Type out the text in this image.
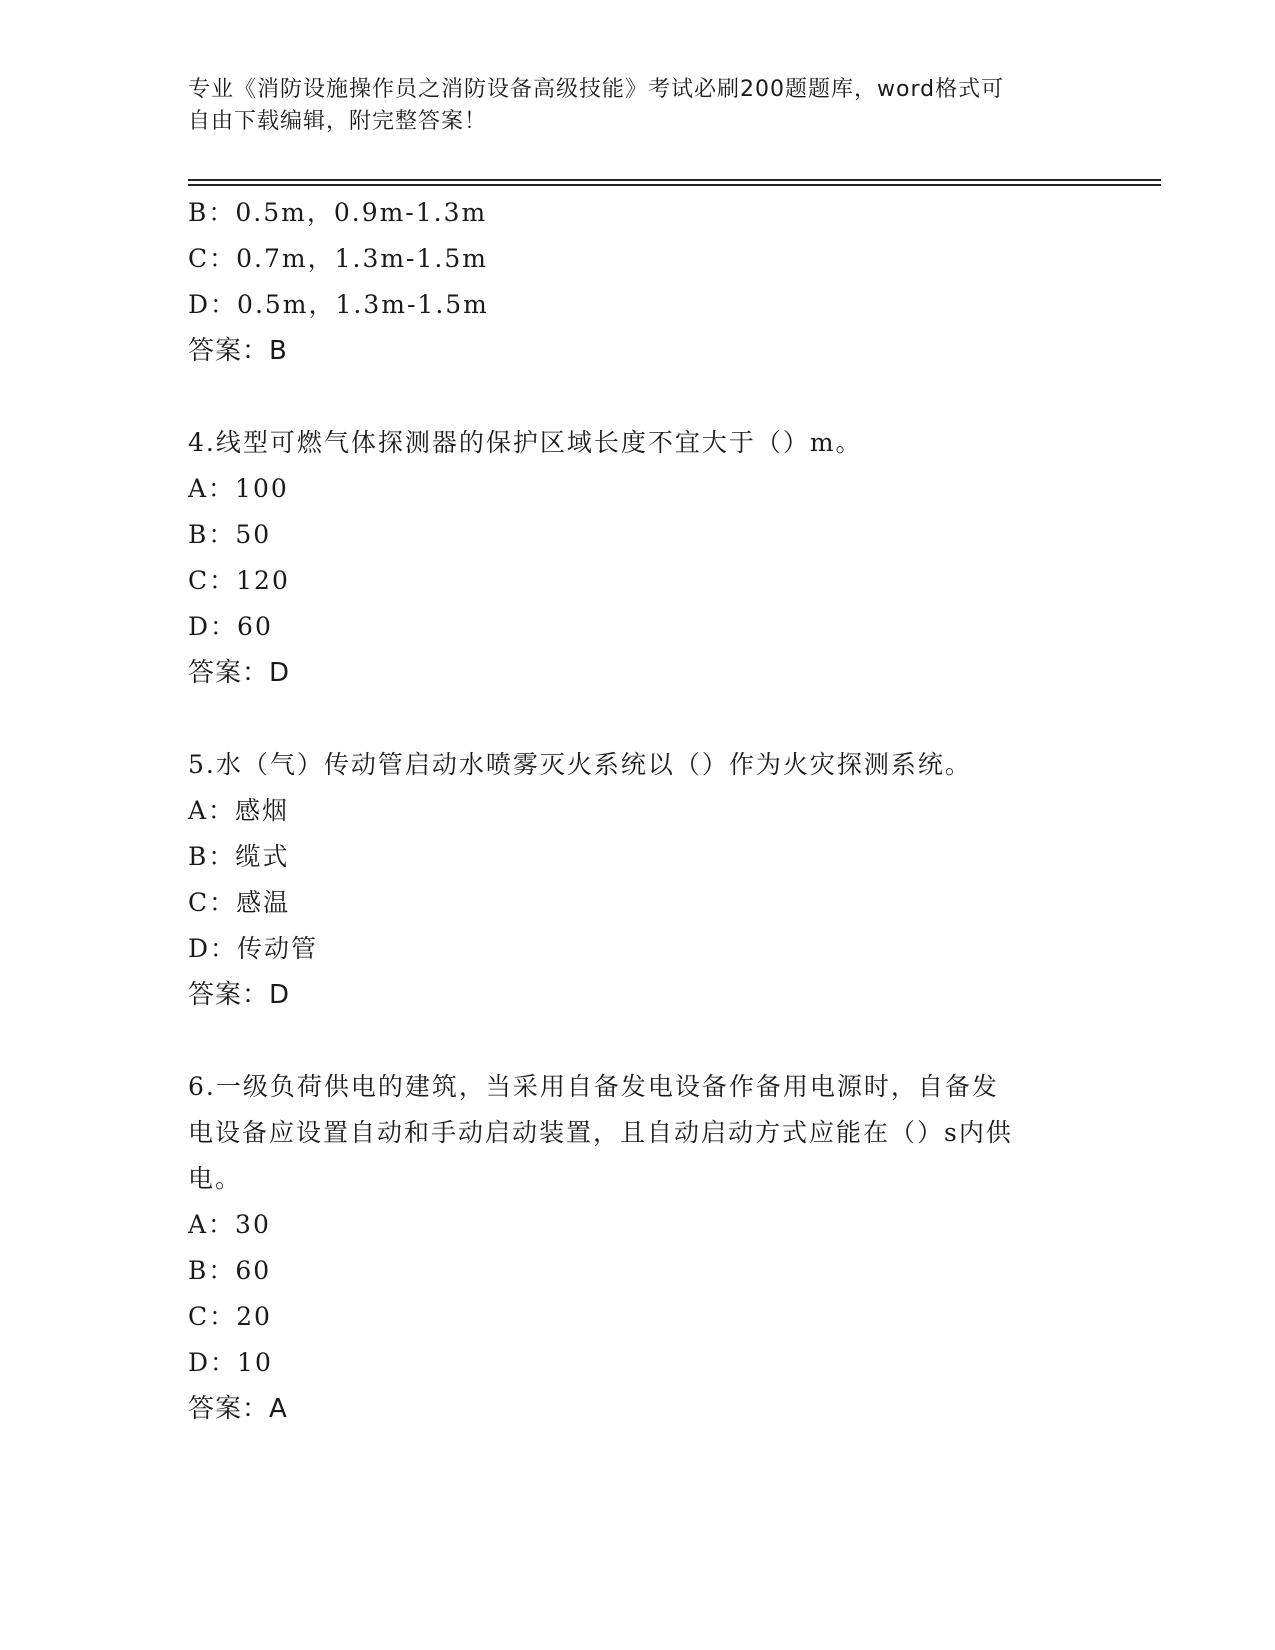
专业《消防设施操作员之消防设备高级技能》考试必刷200题题库，word格式可
自由下载编辑，附完整答案！
B：0.5m，0.9m-1.3m
C：0.7m，1.3m-1.5m
D：0.5m，1.3m-1.5m
答案：B
4.线型可燃气体探测器的保护区域长度不宜大于（）m。
A：100
B：50
C：120
D：60
答案：D
5.水（气）传动管启动水喷雾灭火系统以（）作为火灾探测系统。
A：感烟
B：缆式
C：感温
D：传动管
答案：D
6.一级负荷供电的建筑，当采用自备发电设备作备用电源时，自备发
电设备应设置自动和手动启动装置，且自动启动方式应能在（）s内供
电。
A：30
B：60
C：20
D：10
答案：A
